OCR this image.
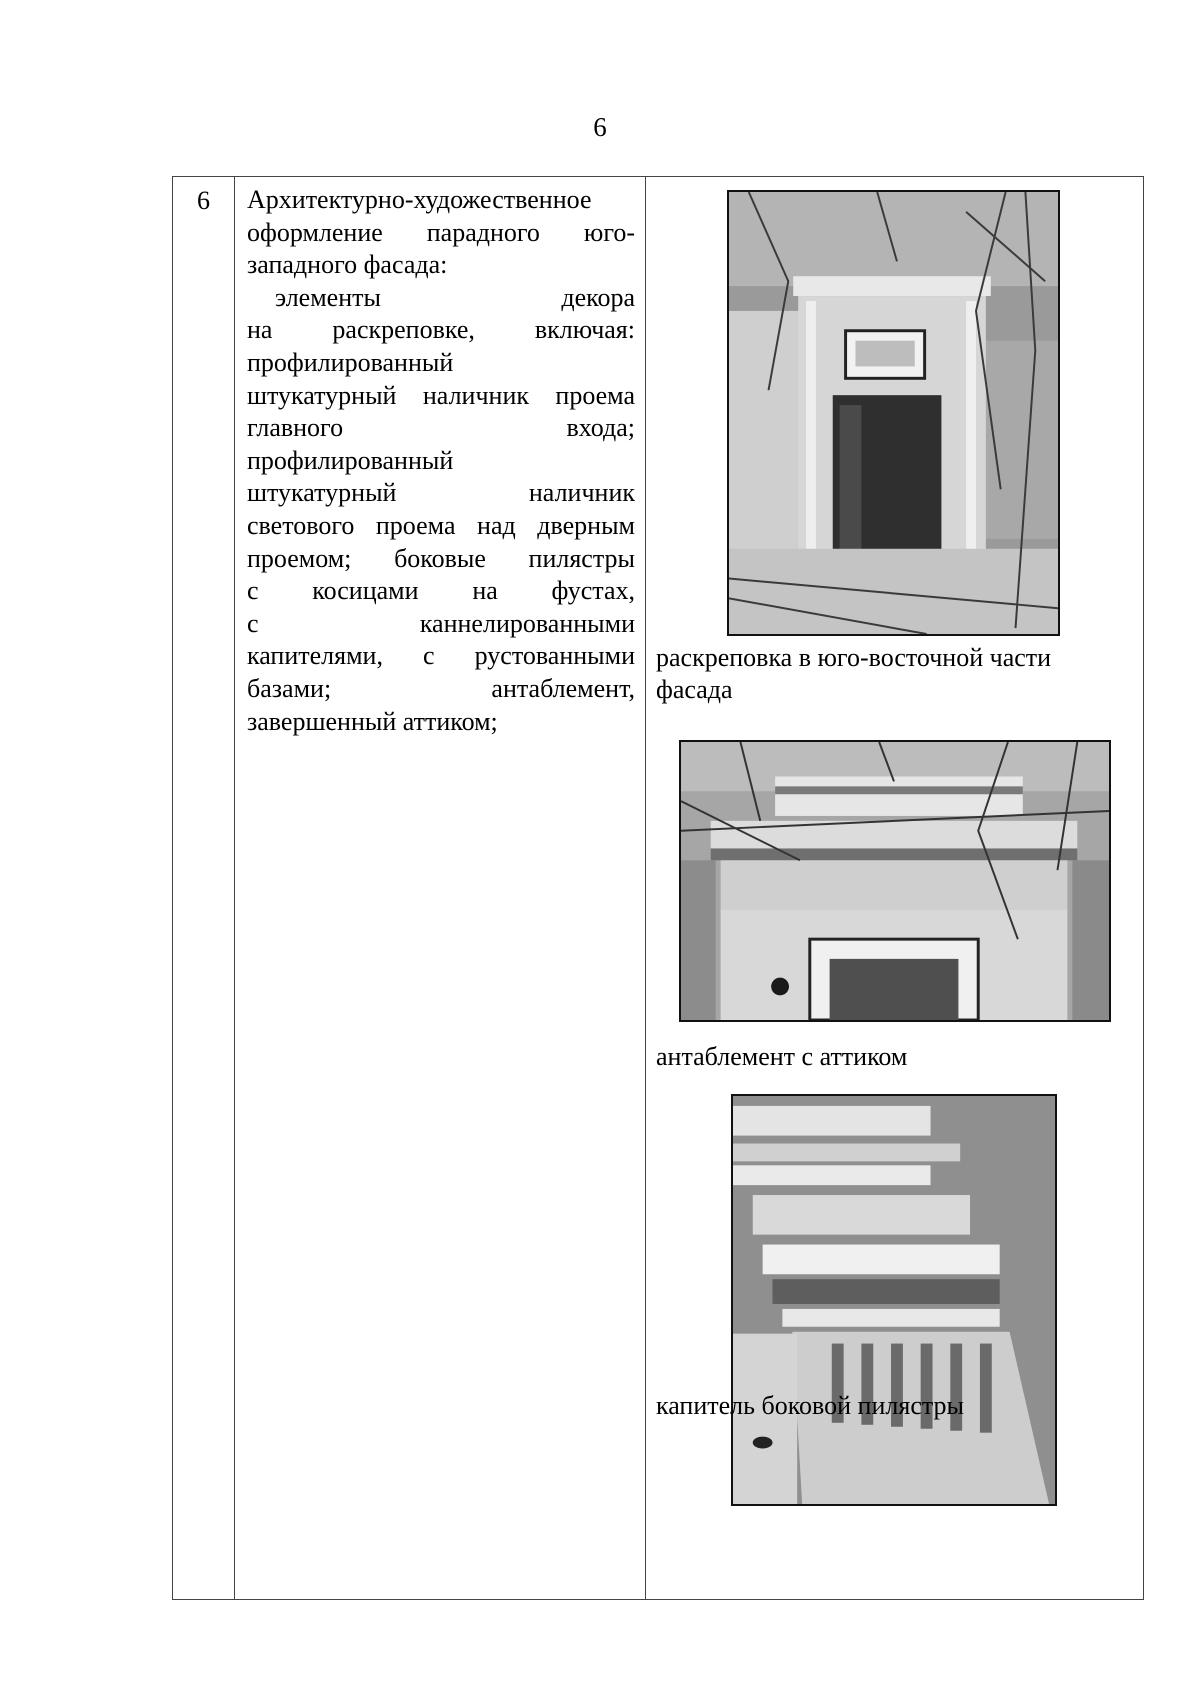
6
6	Архитектурно-художественное
оформление парадного юго-
западного фасада:
элементы декора
на раскреповке, включая:
профилированный
штукатурный наличник проема
главного входа;
профилированный
штукатурный наличник
светового проема над дверным
проемом; боковые пилястры
с косицами на фустах,
с каннелированными
капителями, с рустованными
базами; антаблемент,
завершенный аттиком;
раскреповка в юго-восточной части фасада
антаблемент с аттиком
капитель боковой пилястры
